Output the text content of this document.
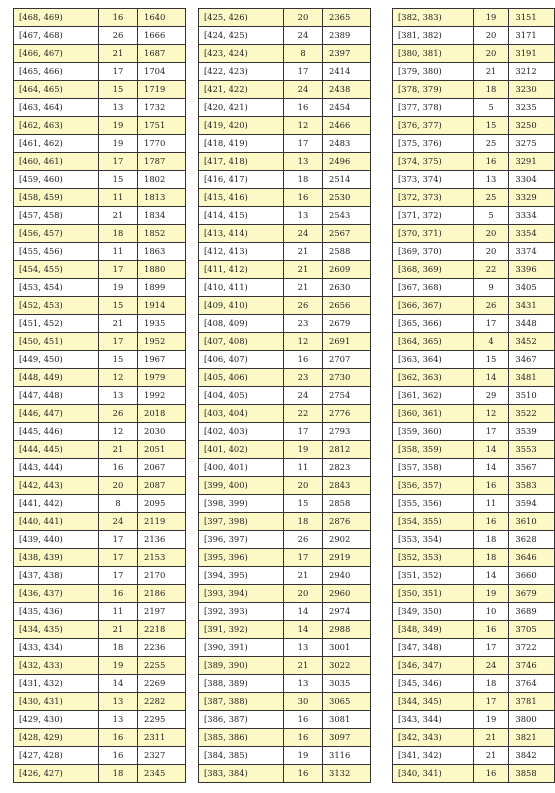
[468, 469)	16	1640
[467, 468)	26	1666
[466, 467)	21	1687
[465, 466)	17	1704
[464, 465)	15	1719
[463, 464)	13	1732
[462, 463)	19	1751
[461, 462)	19	1770
[460, 461)	17	1787
[459, 460)	15	1802
[458, 459)	11	1813
[457, 458)	21	1834
[456, 457)	18	1852
[455, 456)	11	1863
[454, 455)	17	1880
[453, 454)	19	1899
[452, 453)	15	1914
[451, 452)	21	1935
[450, 451)	17	1952
[449, 450)	15	1967
[448, 449)	12	1979
[447, 448)	13	1992
[446, 447)	26	2018
[445, 446)	12	2030
[444, 445)	21	2051
[443, 444)	16	2067
[442, 443)	20	2087
[441, 442)	8	2095
[440, 441)	24	2119
[439, 440)	17	2136
[438, 439)	17	2153
[437, 438)	17	2170
[436, 437)	16	2186
[435, 436)	11	2197
[434, 435)	21	2218
[433, 434)	18	2236
[432, 433)	19	2255
[431, 432)	14	2269
[430, 431)	13	2282
[429, 430)	13	2295
[428, 429)	16	2311
[427, 428)	16	2327
[426, 427)	18	2345
[425, 426)	20	2365
[424, 425)	24	2389
[423, 424)	8	2397
[422, 423)	17	2414
[421, 422)	24	2438
[420, 421)	16	2454
[419, 420)	12	2466
[418, 419)	17	2483
[417, 418)	13	2496
[416, 417)	18	2514
[415, 416)	16	2530
[414, 415)	13	2543
[413, 414)	24	2567
[412, 413)	21	2588
[411, 412)	21	2609
[410, 411)	21	2630
[409, 410)	26	2656
[408, 409)	23	2679
[407, 408)	12	2691
[406, 407)	16	2707
[405, 406)	23	2730
[404, 405)	24	2754
[403, 404)	22	2776
[402, 403)	17	2793
[401, 402)	19	2812
[400, 401)	11	2823
[399, 400)	20	2843
[398, 399)	15	2858
[397, 398)	18	2876
[396, 397)	26	2902
[395, 396)	17	2919
[394, 395)	21	2940
[393, 394)	20	2960
[392, 393)	14	2974
[391, 392)	14	2988
[390, 391)	13	3001
[389, 390)	21	3022
[388, 389)	13	3035
[387, 388)	30	3065
[386, 387)	16	3081
[385, 386)	16	3097
[384, 385)	19	3116
[383, 384)	16	3132
[382, 383)	19	3151
[381, 382)	20	3171
[380, 381)	20	3191
[379, 380)	21	3212
[378, 379)	18	3230
[377, 378)	5	3235
[376, 377)	15	3250
[375, 376)	25	3275
[374, 375)	16	3291
[373, 374)	13	3304
[372, 373)	25	3329
[371, 372)	5	3334
[370, 371)	20	3354
[369, 370)	20	3374
[368, 369)	22	3396
[367, 368)	9	3405
[366, 367)	26	3431
[365, 366)	17	3448
[364, 365)	4	3452
[363, 364)	15	3467
[362, 363)	14	3481
[361, 362)	29	3510
[360, 361)	12	3522
[359, 360)	17	3539
[358, 359)	14	3553
[357, 358)	14	3567
[356, 357)	16	3583
[355, 356)	11	3594
[354, 355)	16	3610
[353, 354)	18	3628
[352, 353)	18	3646
[351, 352)	14	3660
[350, 351)	19	3679
[349, 350)	10	3689
[348, 349)	16	3705
[347, 348)	17	3722
[346, 347)	24	3746
[345, 346)	18	3764
[344, 345)	17	3781
[343, 344)	19	3800
[342, 343)	21	3821
[341, 342)	21	3842
[340, 341)	16	3858
